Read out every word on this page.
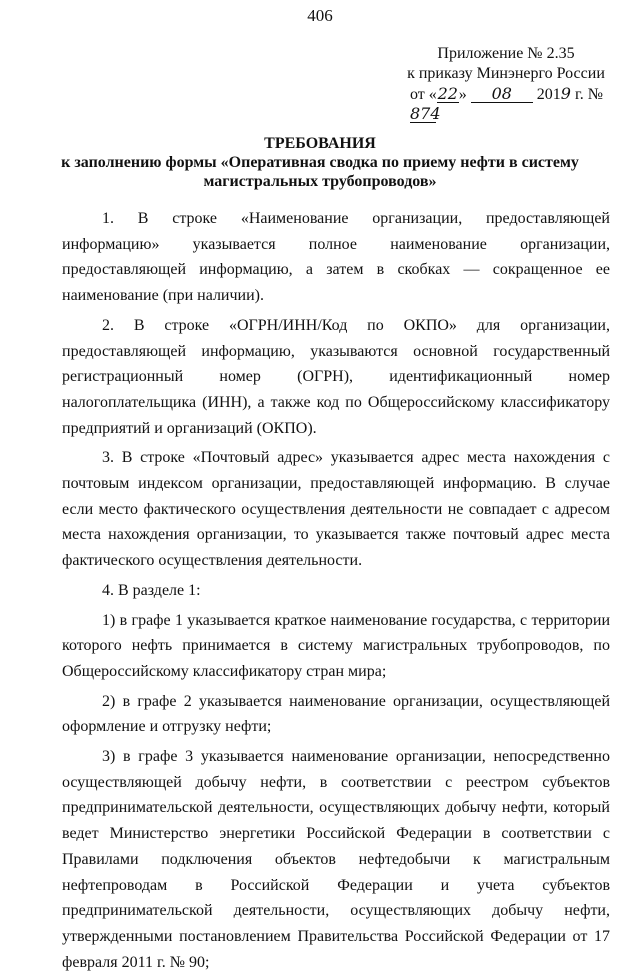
406
Приложение № 2.35
к приказу Минэнерго России
от «22» 08 2019 г. №874
ТРЕБОВАНИЯ
к заполнению формы «Оперативная сводка по приему нефти в систему
магистральных трубопроводов»

1. В строке «Наименование организации, предоставляющей информацию» указывается полное наименование организации, предоставляющей информацию, а затем в скобках — сокращенное ее наименование (при наличии).

2. В строке «ОГРН/ИНН/Код по ОКПО» для организации, предоставляющей информацию, указываются основной государственный регистрационный номер (ОГРН), идентификационный номер налогоплательщика (ИНН), а также код по Общероссийскому классификатору предприятий и организаций (ОКПО).

3. В строке «Почтовый адрес» указывается адрес места нахождения с почтовым индексом организации, предоставляющей информацию. В случае если место фактического осуществления деятельности не совпадает с адресом места нахождения организации, то указывается также почтовый адрес места фактического осуществления деятельности.

4. В разделе 1:

1) в графе 1 указывается краткое наименование государства, с территории которого нефть принимается в систему магистральных трубопроводов, по Общероссийскому классификатору стран мира;

2) в графе 2 указывается наименование организации, осуществляющей оформление и отгрузку нефти;

3) в графе 3 указывается наименование организации, непосредственно осуществляющей добычу нефти, в соответствии с реестром субъектов предпринимательской деятельности, осуществляющих добычу нефти, который ведет Министерство энергетики Российской Федерации в соответствии с Правилами подключения объектов нефтедобычи к магистральным нефтепроводам в Российской Федерации и учета субъектов предпринимательской деятельности, осуществляющих добычу нефти, утвержденными постановлением Правительства Российской Федерации от 17 февраля 2011 г. № 90;
